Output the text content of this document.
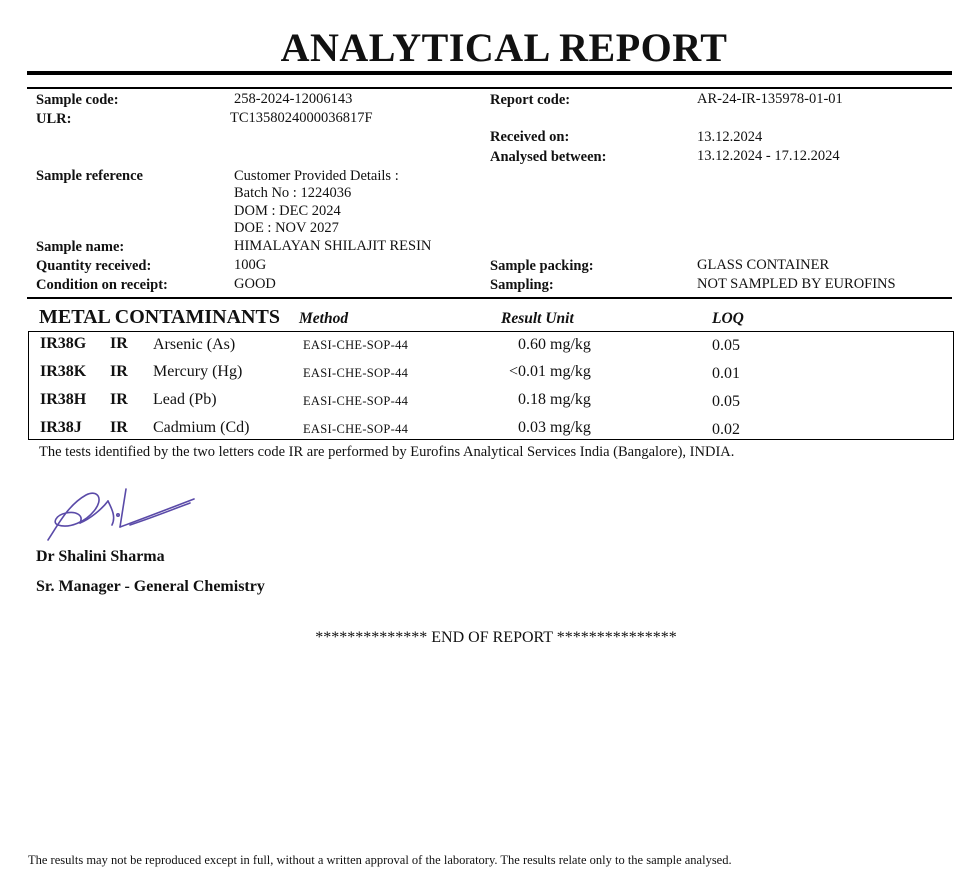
ANALYTICAL REPORT
Sample code:	258-2024-12006143
ULR:	TC1358024000036817F
Report code:	AR-24-IR-135978-01-01
Received on:	13.12.2024
Analysed between:	13.12.2024 - 17.12.2024
Sample reference	Customer Provided Details :
Batch No : 1224036
DOM : DEC 2024
DOE : NOV 2027
Sample name:	HIMALAYAN SHILAJIT RESIN
Quantity received:	100G	Sample packing:	GLASS CONTAINER
Condition on receipt:	GOOD	Sampling:	NOT SAMPLED BY EUROFINS
METAL CONTAMINANTS Method	Result Unit	LOQ
IR38G IR Arsenic (As)	EASI-CHE-SOP-44	0.60 mg/kg	0.05
IR38K IR Mercury (Hg)	EASI-CHE-SOP-44	<0.01 mg/kg	0.01
IR38H IR Lead (Pb)	EASI-CHE-SOP-44	0.18 mg/kg	0.05
IR38J IR Cadmium (Cd)	EASI-CHE-SOP-44	0.03 mg/kg	0.02
The tests identified by the two letters code IR are performed by Eurofins Analytical Services India (Bangalore), INDIA.
Dr Shalini Sharma
Sr. Manager - General Chemistry
************** END OF REPORT ***************
The results may not be reproduced except in full, without a written approval of the laboratory. The results relate only to the sample analysed.
